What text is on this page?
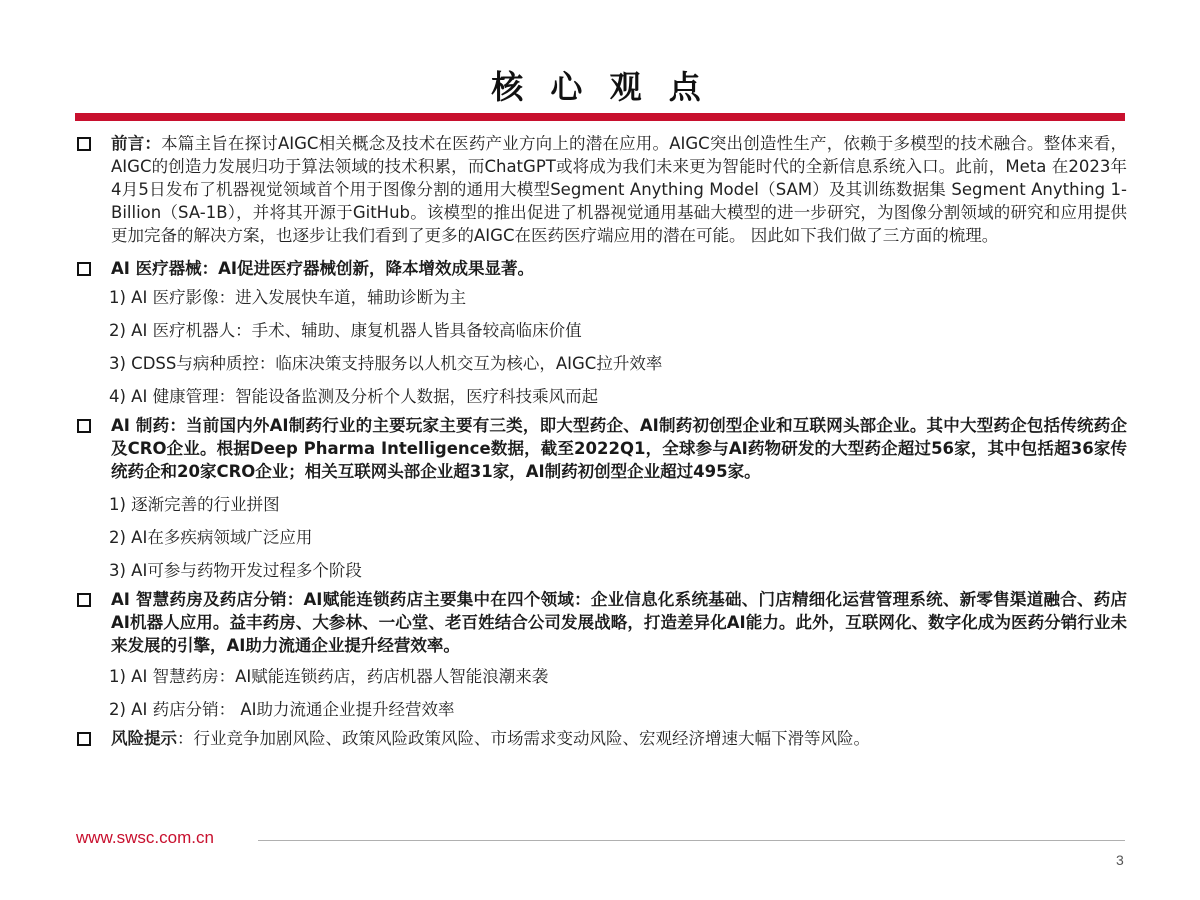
核 心 观 点

前言：本篇主旨在探讨AIGC相关概念及技术在医药产业方向上的潜在应用。AIGC突出创造性生产，依赖于多模型的技术融合。整体来看，AIGC的创造力发展归功于算法领域的技术积累，而ChatGPT或将成为我们未来更为智能时代的全新信息系统入口。此前，Meta 在2023年4月5日发布了机器视觉领域首个用于图像分割的通用大模型Segment Anything Model（SAM）及其训练数据集 Segment Anything 1-Billion（SA-1B），并将其开源于GitHub。该模型的推出促进了机器视觉通用基础大模型的进一步研究，为图像分割领域的研究和应用提供更加完备的解决方案，也逐步让我们看到了更多的AIGC在医药医疗端应用的潜在可能。 因此如下我们做了三方面的梳理。

AI 医疗器械：AI促进医疗器械创新，降本增效成果显著。

1) AI 医疗影像：进入发展快车道，辅助诊断为主
2) AI 医疗机器人：手术、辅助、康复机器人皆具备较高临床价值
3) CDSS与病种质控：临床决策支持服务以人机交互为核心，AIGC拉升效率
4) AI 健康管理：智能设备监测及分析个人数据，医疗科技乘风而起

AI 制药：当前国内外AI制药行业的主要玩家主要有三类，即大型药企、AI制药初创型企业和互联网头部企业。其中大型药企包括传统药企及CRO企业。根据Deep Pharma Intelligence数据，截至2022Q1，全球参与AI药物研发的大型药企超过56家，其中包括超36家传统药企和20家CRO企业；相关互联网头部企业超31家，AI制药初创型企业超过495家。

1) 逐渐完善的行业拼图
2) AI在多疾病领域广泛应用
3) AI可参与药物开发过程多个阶段

AI 智慧药房及药店分销：AI赋能连锁药店主要集中在四个领域：企业信息化系统基础、门店精细化运营管理系统、新零售渠道融合、药店AI机器人应用。益丰药房、大参林、一心堂、老百姓结合公司发展战略，打造差异化AI能力。此外，互联网化、数字化成为医药分销行业未来发展的引擎，AI助力流通企业提升经营效率。

1) AI 智慧药房：AI赋能连锁药店，药店机器人智能浪潮来袭
2) AI 药店分销： AI助力流通企业提升经营效率

风险提示：行业竞争加剧风险、政策风险政策风险、市场需求变动风险、宏观经济增速大幅下滑等风险。

www.swsc.com.cn
3
